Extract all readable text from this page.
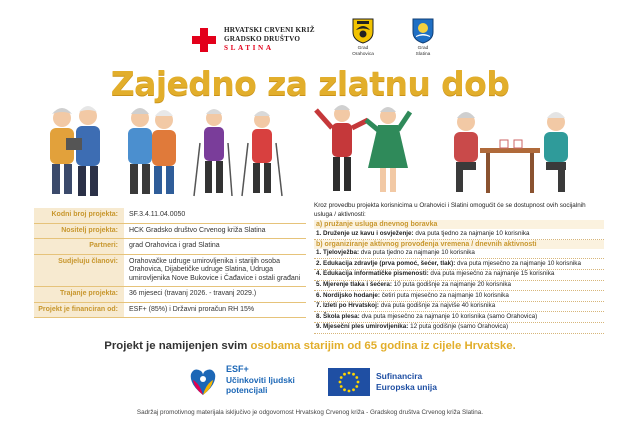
HRVATSKI CRVENI KRIŽ
GRADSKO DRUŠTVO
SLATINA	Grad
Orahovica
Grad
Slatina
Zajedno za zlatnu dob
Kodni broj projekta:	SF.3.4.11.04.0050
Nositelj projekta:	HCK Gradsko društvo Crvenog križa Slatina
Partneri:	grad Orahovica i grad Slatina
Sudjeluju članovi:	Orahovačke udruge umirovljenika i starijih osoba Orahovica, Dijabetičke udruge Slatina, Udruga umirovljenika Nove Bukovice i Čađavice i ostali građani
Trajanje projekta:	36 mjeseci (travanj 2026. - travanj 2029.)
Projekt je financiran od:	ESF+ (85%) i Državni proračun RH 15%
Kroz provedbu projekta korisnicima u Orahovici i Slatini omogućit će se dostupnost ovih socijalnih usluga / aktivnosti:
a) pružanje usluga dnevnog boravka
1. Druženje uz kavu i osvježenje: dva puta tjedno za najmanje 10 korisnika
b) organiziranje aktivnog provođenja vremena / dnevnih aktivnosti
1. Tjelovježba: dva puta tjedno za najmanje 10 korisnika
2. Edukacija zdravlje (prva pomoć, šećer, tlak): dva puta mjesečno za najmanje 10 korisnika
4. Edukacija informatičke pismenosti: dva puta mjesečno za najmanje 15 korisnika
5. Mjerenje tlaka i šećera: 10 puta godišnje za najmanje 20 korisnika
6. Nordijsko hodanje: četiri puta mjesečno za najmanje 10 korisnika
7. Izleti po Hrvatskoj: dva puta godišnje za najviše 40 korisnika
8. Škola plesa: dva puta mjesečno za najmanje 10 korisnika (samo Orahovica)
9. Mjesečni ples umirovljenika: 12 puta godišnje (samo Orahovica)
Projekt je namijenjen svim osobama starijim od 65 godina iz cijele Hrvatske.
ESF+
Učinkoviti ljudski
potencijali
Sufinancira
Europska unija
Sadržaj promotivnog materijala isključivo je odgovornost Hrvatskog Crvenog križa - Gradskog društva Crvenog križa Slatina.
